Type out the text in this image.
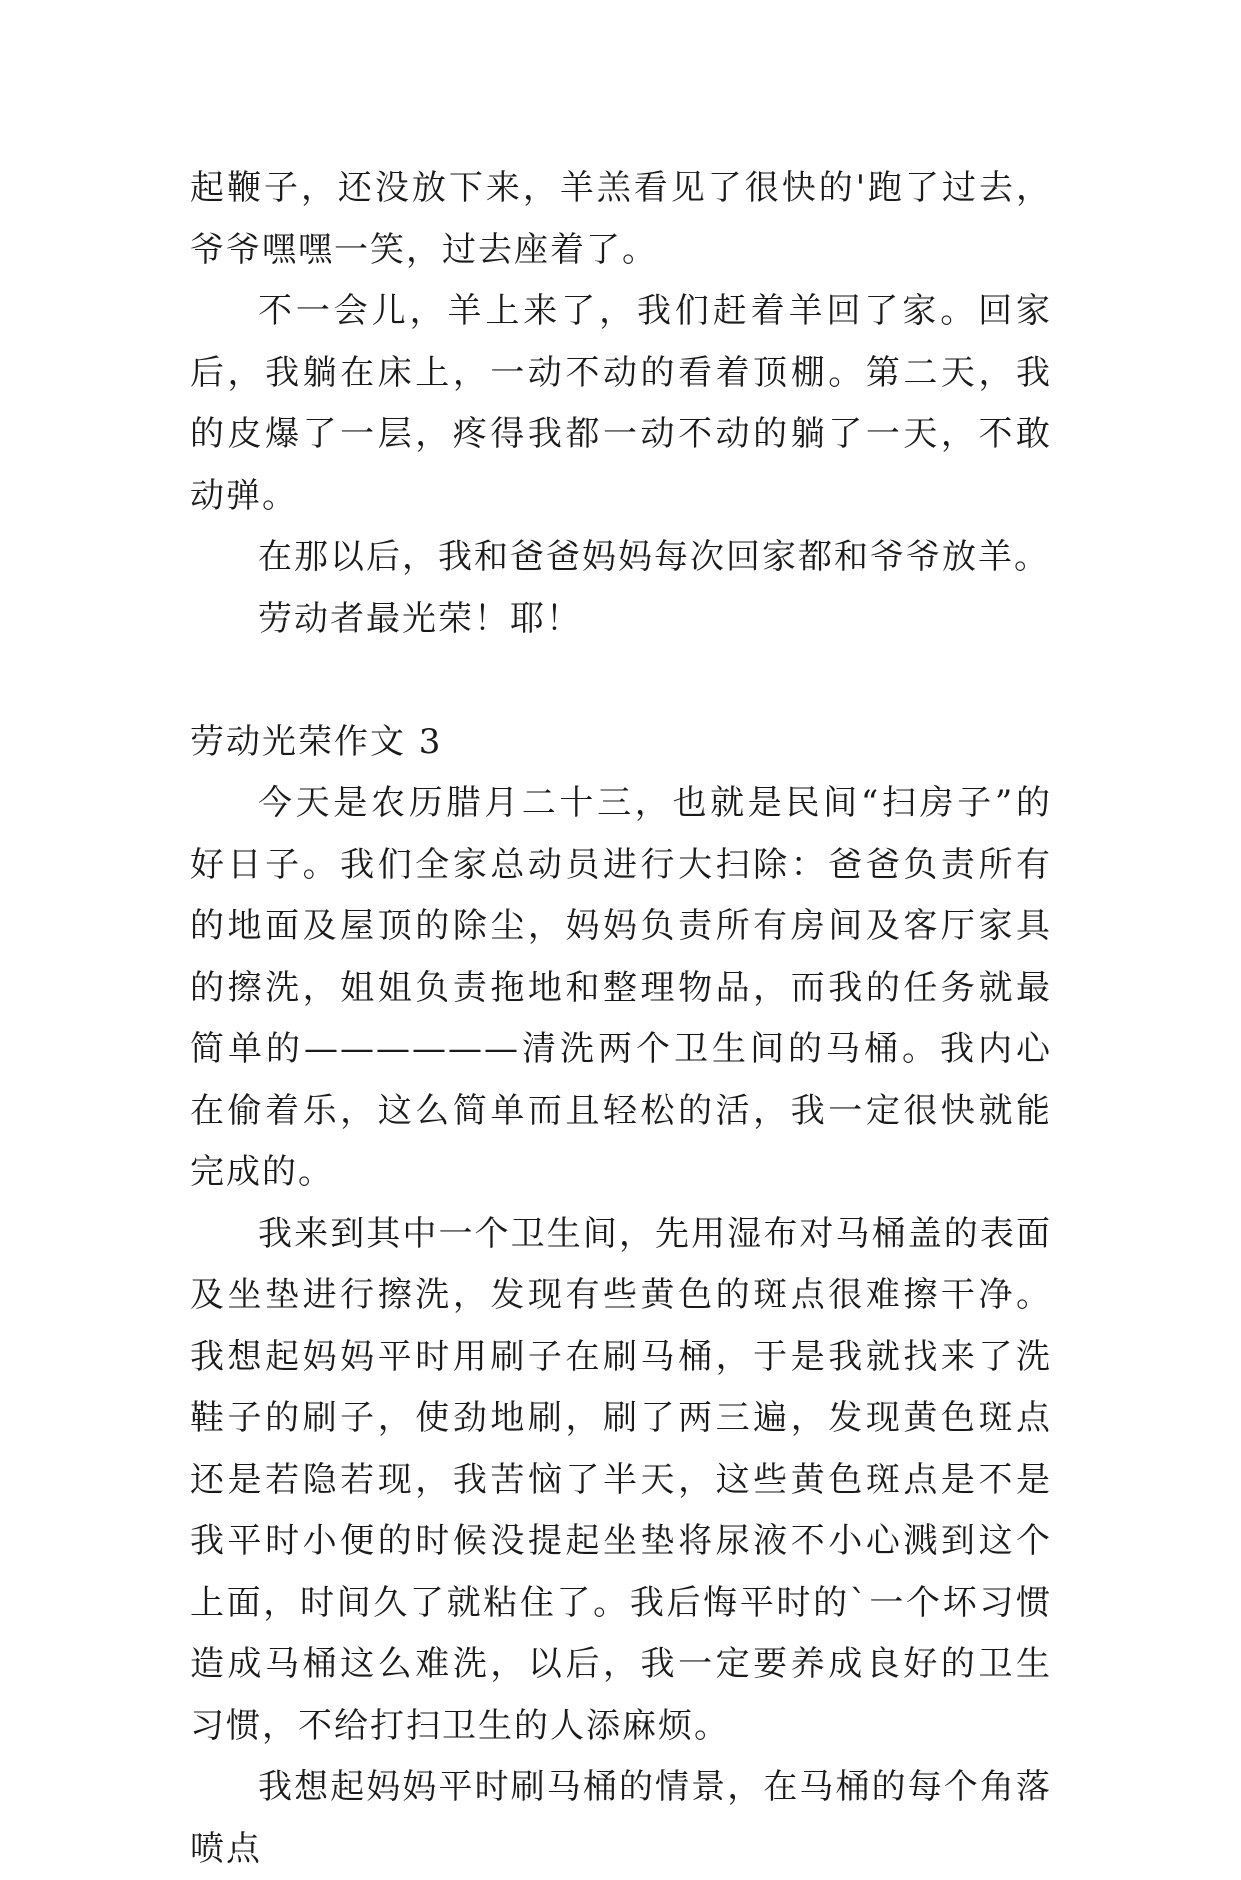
起鞭子，还没放下来，羊羔看见了很快的'跑了过去，爷爷嘿嘿一笑，过去座着了。

不一会儿，羊上来了，我们赶着羊回了家。回家后，我躺在床上，一动不动的看着顶棚。第二天，我的皮爆了一层，疼得我都一动不动的躺了一天，不敢动弹。

在那以后，我和爸爸妈妈每次回家都和爷爷放羊。

劳动者最光荣！耶！

劳动光荣作文 3

今天是农历腊月二十三，也就是民间“扫房子”的好日子。我们全家总动员进行大扫除：爸爸负责所有的地面及屋顶的除尘，妈妈负责所有房间及客厅家具的擦洗，姐姐负责拖地和整理物品，而我的任务就最简单的——————清洗两个卫生间的马桶。我内心在偷着乐，这么简单而且轻松的活，我一定很快就能完成的。

我来到其中一个卫生间，先用湿布对马桶盖的表面及坐垫进行擦洗，发现有些黄色的斑点很难擦干净。我想起妈妈平时用刷子在刷马桶，于是我就找来了洗鞋子的刷子，使劲地刷，刷了两三遍，发现黄色斑点还是若隐若现，我苦恼了半天，这些黄色斑点是不是我平时小便的时候没提起坐垫将尿液不小心溅到这个上面，时间久了就粘住了。我后悔平时的`一个坏习惯造成马桶这么难洗，以后，我一定要养成良好的卫生习惯，不给打扫卫生的人添麻烦。

我想起妈妈平时刷马桶的情景，在马桶的每个角落喷点
